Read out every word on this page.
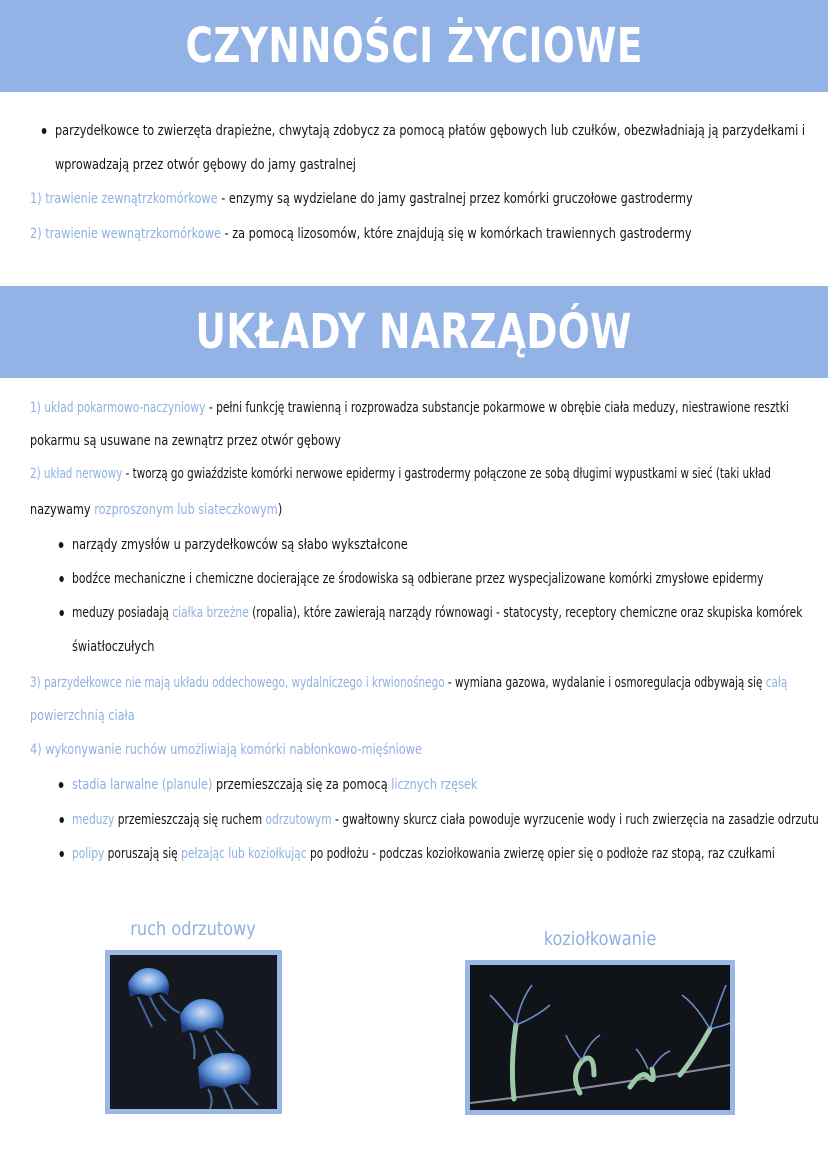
CZYNNOŚCI ŻYCIOWE
parzydełkowce to zwierzęta drapieżne, chwytają zdobycz za pomocą płatów gębowych lub czułków, obezwładniają ją parzydełkami i
wprowadzają przez otwór gębowy do jamy gastralnej
1) trawienie zewnątrzkomórkowe - enzymy są wydzielane do jamy gastralnej przez komórki gruczołowe gastrodermy
2) trawienie wewnątrzkomórkowe - za pomocą lizosomów, które znajdują się w komórkach trawiennych gastrodermy
UKŁADY NARZĄDÓW
1) układ pokarmowo-naczyniowy - pełni funkcję trawienną i rozprowadza substancje pokarmowe w obrębie ciała meduzy, niestrawione resztki
pokarmu są usuwane na zewnątrz przez otwór gębowy
2) układ nerwowy - tworzą go gwiaździste komórki nerwowe epidermy i gastrodermy połączone ze sobą długimi wypustkami w sieć (taki układ
nazywamy rozproszonym lub siateczkowym)
narządy zmysłów u parzydełkowców są słabo wykształcone
bodźce mechaniczne i chemiczne docierające ze środowiska są odbierane przez wyspecjalizowane komórki zmysłowe epidermy
meduzy posiadają ciałka brzeżne (ropalia), które zawierają narządy równowagi - statocysty, receptory chemiczne oraz skupiska komórek
światłoczułych
3) parzydełkowce nie mają układu oddechowego, wydalniczego i krwionośnego - wymiana gazowa, wydalanie i osmoregulacja odbywają się całą
powierzchnią ciała
4) wykonywanie ruchów umożliwiają komórki nabłonkowo-mięśniowe
stadia larwalne (planule) przemieszczają się za pomocą licznych rzęsek
meduzy przemieszczają się ruchem odrzutowym - gwałtowny skurcz ciała powoduje wyrzucenie wody i ruch zwierzęcia na zasadzie odrzutu
polipy poruszają się pełzając lub koziołkując po podłożu - podczas koziołkowania zwierzę opier się o podłoże raz stopą, raz czułkami
ruch odrzutowy	koziołkowanie
